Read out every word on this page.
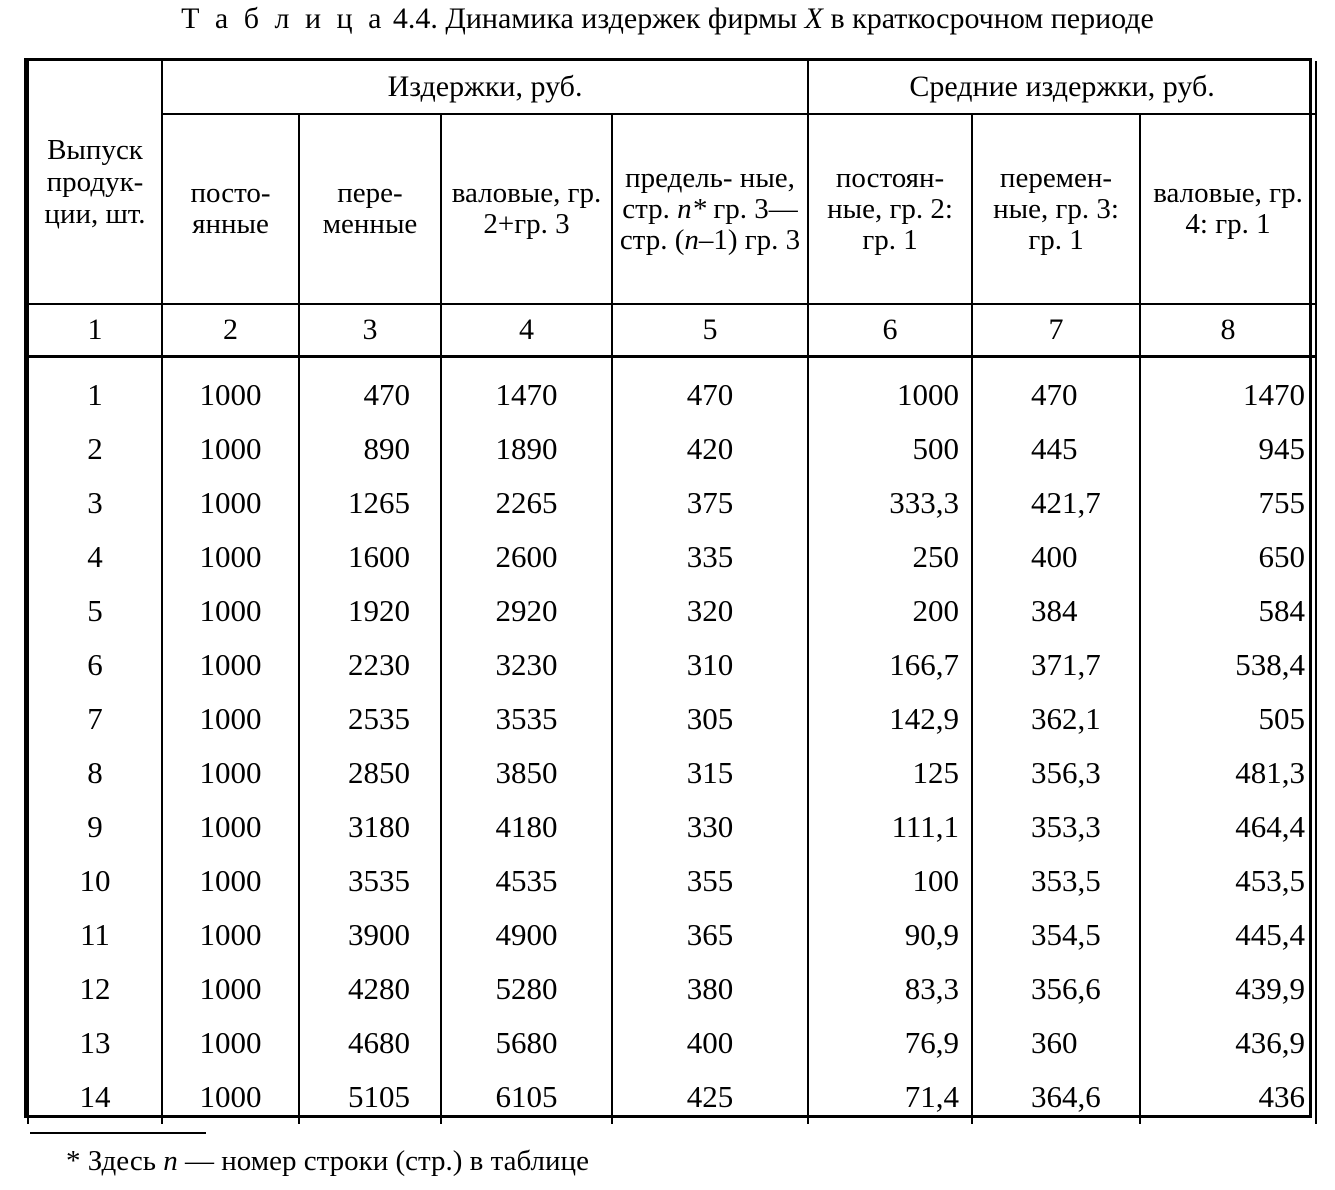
Т а б л и ц а 4.4. Динамика издержек фирмы X в краткосрочном периоде
Выпуск продук- ции, шт.	Издержки, руб.				Средние издержки, руб.		
	посто- янные	пере- менные	валовые, гр. 2+гр. 3	предель- ные, стр. n* гр. 3— стр. (n–1) гр. 3	постоян- ные, гр. 2: гр. 1	перемен- ные, гр. 3: гр. 1	валовые, гр. 4: гр. 1
1	2	3	4	5	6	7	8
1	1000	470	1470	470	1000	470	1470
2	1000	890	1890	420	500	445	945
3	1000	1265	2265	375	333,3	421,7	755
4	1000	1600	2600	335	250	400	650
5	1000	1920	2920	320	200	384	584
6	1000	2230	3230	310	166,7	371,7	538,4
7	1000	2535	3535	305	142,9	362,1	505
8	1000	2850	3850	315	125	356,3	481,3
9	1000	3180	4180	330	111,1	353,3	464,4
10	1000	3535	4535	355	100	353,5	453,5
11	1000	3900	4900	365	90,9	354,5	445,4
12	1000	4280	5280	380	83,3	356,6	439,9
13	1000	4680	5680	400	76,9	360	436,9
14	1000	5105	6105	425	71,4	364,6	436
* Здесь n — номер строки (стр.) в таблице
